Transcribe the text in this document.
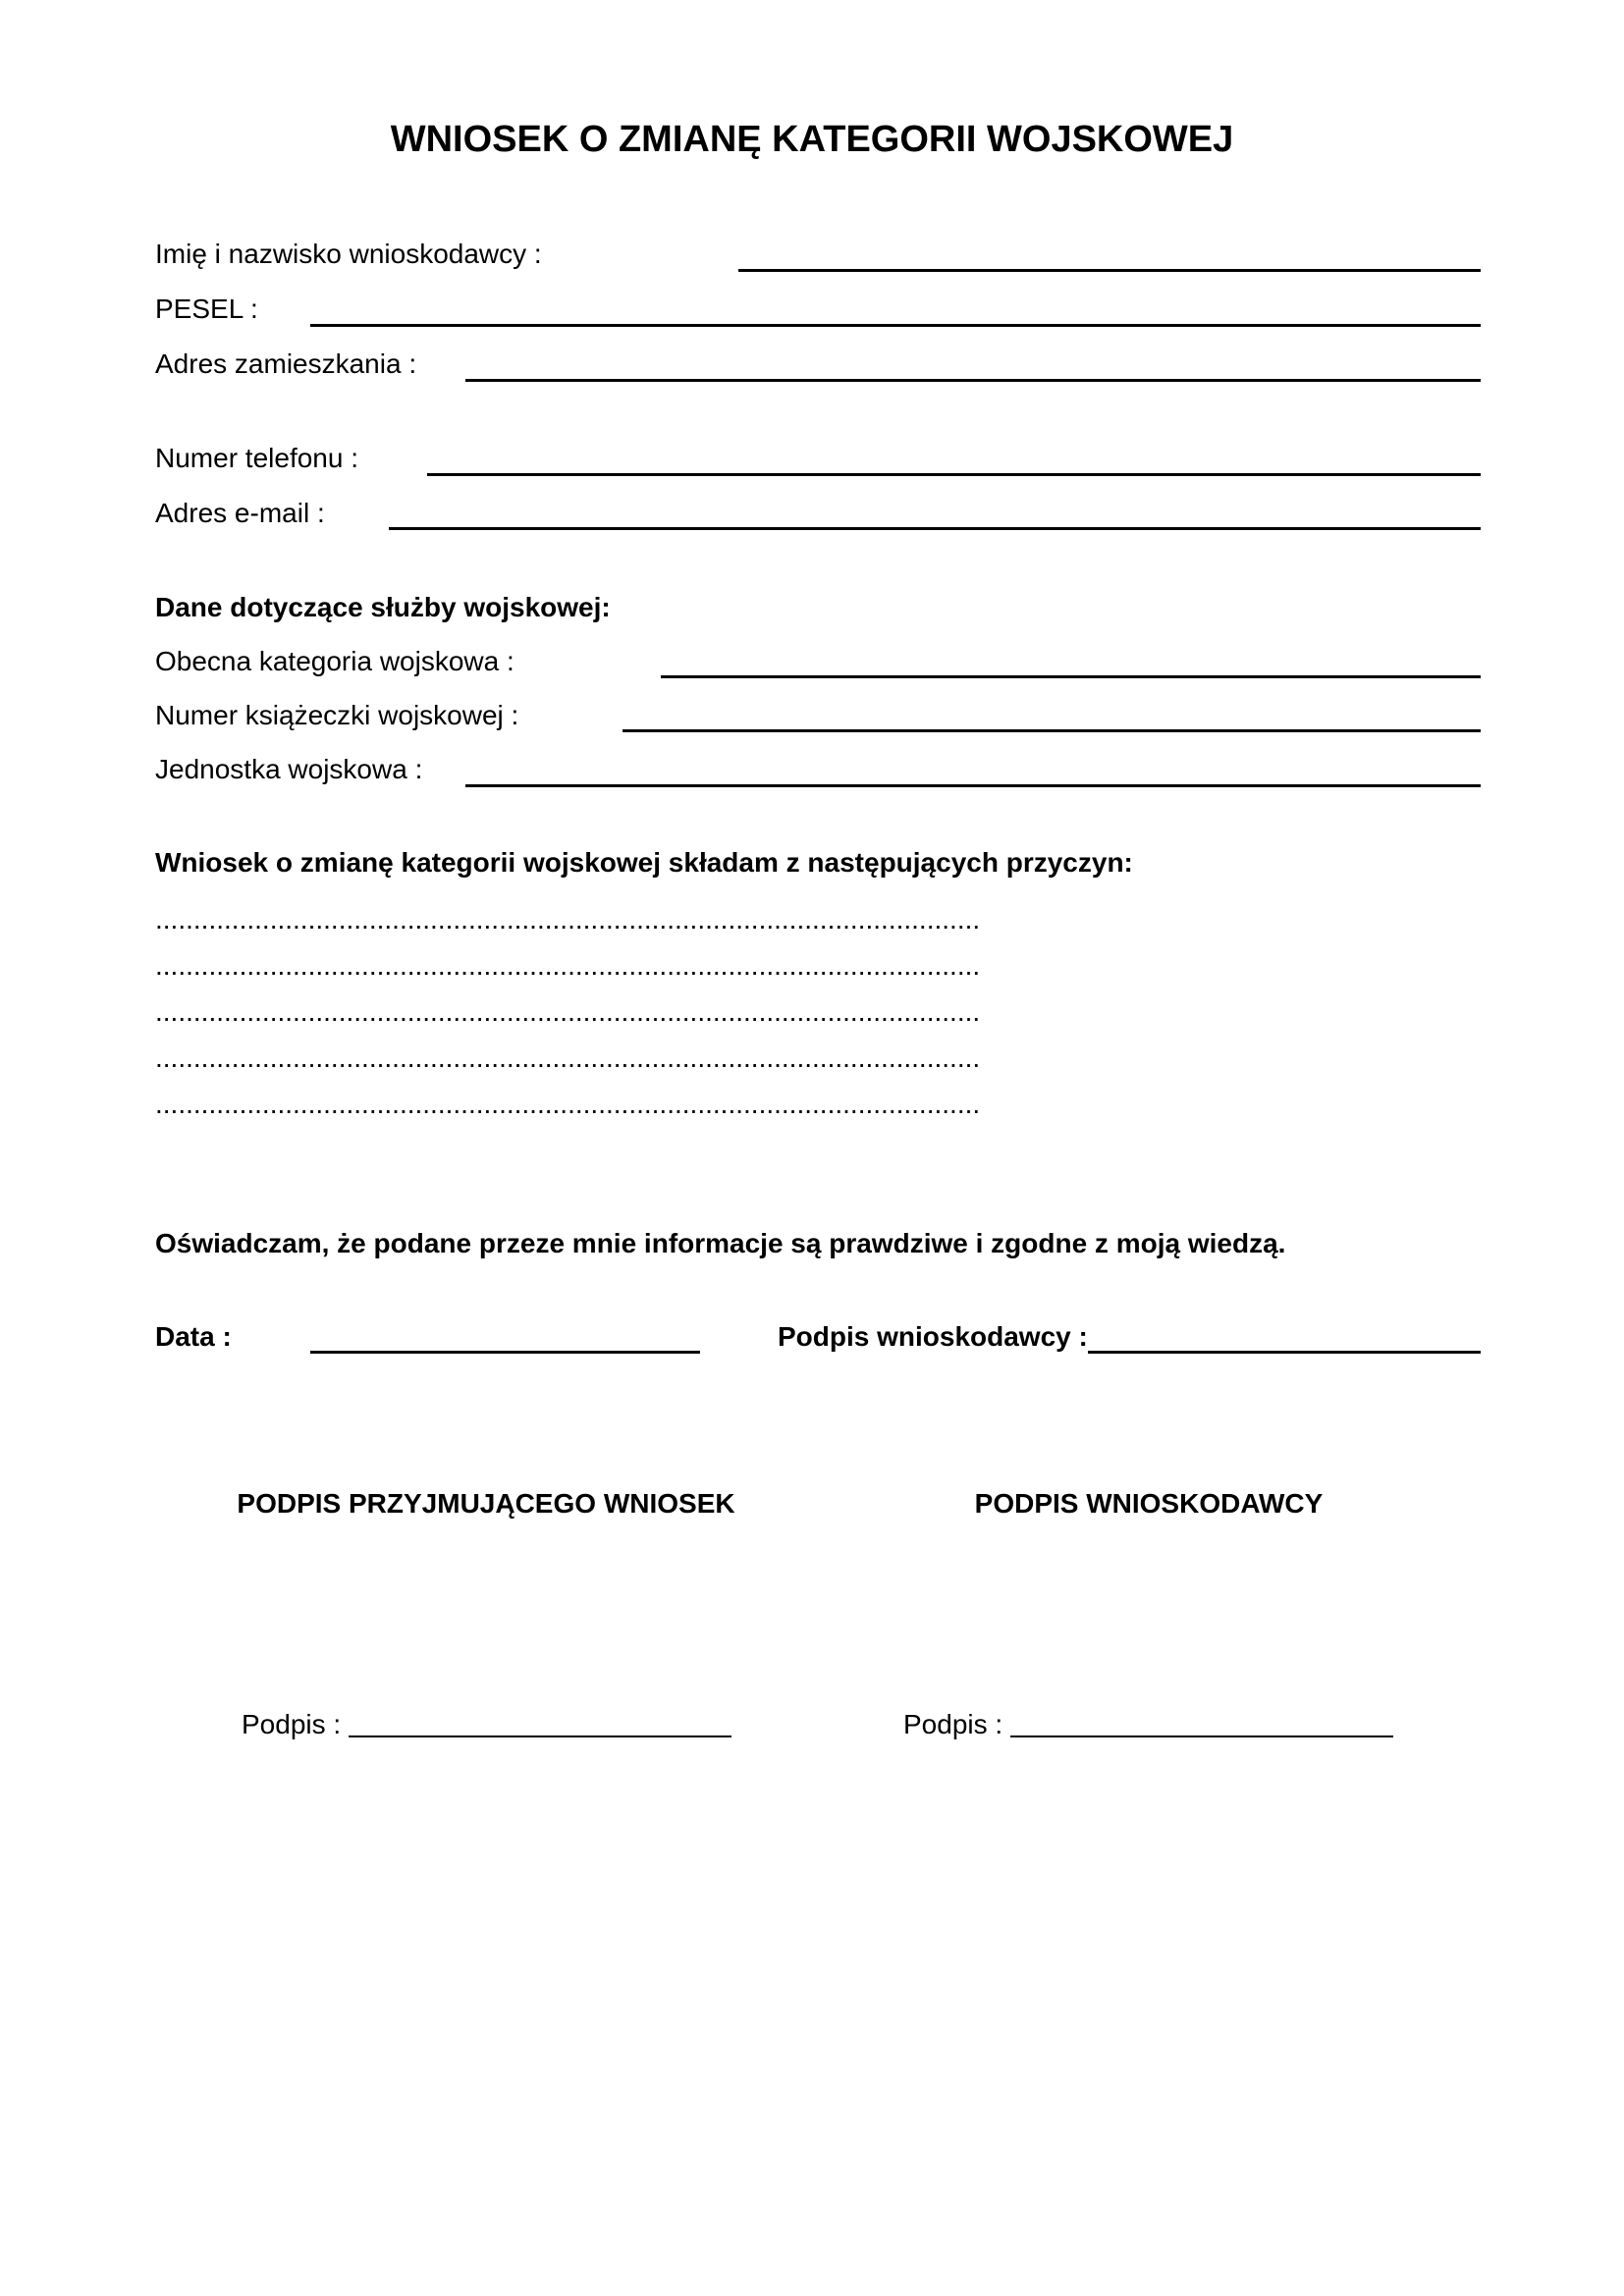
WNIOSEK O ZMIANĘ KATEGORII WOJSKOWEJ
Imię i nazwisko wnioskodawcy :
PESEL :
Adres zamieszkania :
Numer telefonu :
Adres e-mail :
Dane dotyczące służby wojskowej:
Obecna kategoria wojskowa :
Numer książeczki wojskowej :
Jednostka wojskowa :
Wniosek o zmianę kategorii wojskowej składam z następujących przyczyn:
............................................................................................................
............................................................................................................
............................................................................................................
............................................................................................................
............................................................................................................
Oświadczam, że podane przeze mnie informacje są prawdziwe i zgodne z moją wiedzą.
Data :	Podpis wnioskodawcy :
PODPIS PRZYJMUJĄCEGO WNIOSEK	PODPIS WNIOSKODAWCY
Podpis :	Podpis :
